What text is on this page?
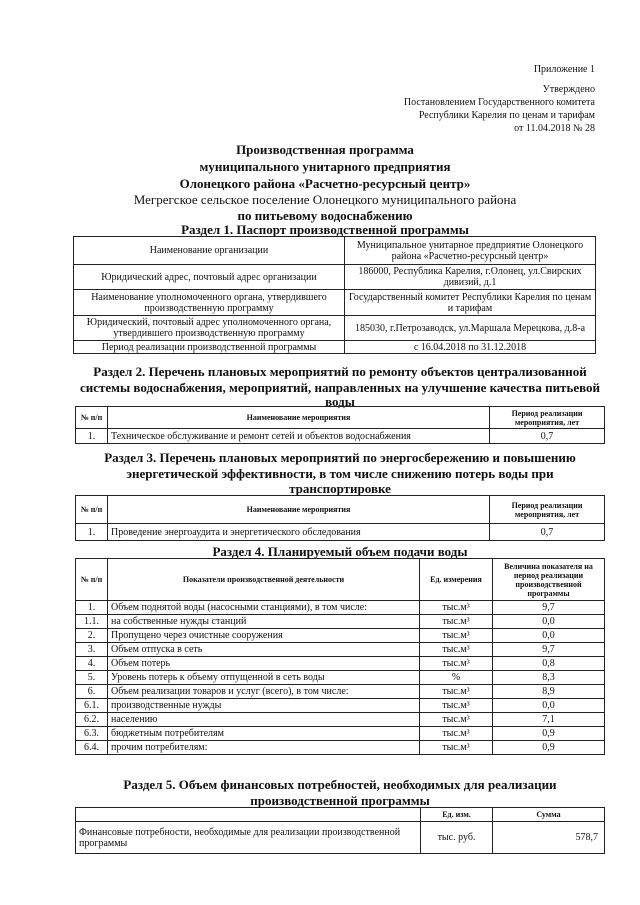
Приложение 1
Утверждено
Постановлением Государственного комитета
Республики Карелия по ценам и тарифам
от 11.04.2018 № 28
Производственная программа
муниципального унитарного предприятия
Олонецкого района «Расчетно-ресурсный центр»
Мегрегское сельское поселение Олонецкого муниципального района
по питьевому водоснабжению
Раздел 1. Паспорт производственной программы
Наименование организации	Муниципальное унитарное предприятие Олонецкого района «Расчетно-ресурсный центр»
Юридический адрес, почтовый адрес организации	186000, Республика Карелия, г.Олонец, ул.Свирских дивизий, д.1
Наименование уполномоченного органа, утвердившего производственную программу	Государственный комитет Республики Карелия по ценам и тарифам
Юридический, почтовый адрес уполномоченного органа, утвердившего производственную программу	185030, г.Петрозаводск, ул.Маршала Мерецкова, д.8-а
Период реализации производственной программы	с 16.04.2018 по 31.12.2018
Раздел 2. Перечень плановых мероприятий по ремонту объектов централизованной
системы водоснабжения, мероприятий, направленных на улучшение качества питьевой
воды
№ п/п	Наименование мероприятия	Период реализации мероприятия, лет
1.	Техническое обслуживание и ремонт сетей и объектов водоснабжения	0,7
Раздел 3. Перечень плановых мероприятий по энергосбережению и повышению
энергетической эффективности, в том числе снижению потерь воды при
транспортировке
№ п/п	Наименование мероприятия	Период реализации мероприятия, лет
1.	Проведение энергоаудита и энергетического обследования	0,7
Раздел 4. Планируемый объем подачи воды
№ п/п	Показатели производственной деятельности	Ед. измерения	Величина показателя на период реализации производственной программы
1.	Объем поднятой воды (насосными станциями), в том числе:	тыс.м³	9,7
1.1.	на собственные нужды станций	тыс.м³	0,0
2.	Пропущено через очистные сооружения	тыс.м³	0,0
3.	Объем отпуска в сеть	тыс.м³	9,7
4.	Объем потерь	тыс.м³	0,8
5.	Уровень потерь к объему отпущенной в сеть воды	%	8,3
6.	Объем реализации товаров и услуг (всего), в том числе:	тыс.м³	8,9
6.1.	производственные нужды	тыс.м³	0,0
6.2.	населению	тыс.м³	7,1
6.3.	бюджетным потребителям	тыс.м³	0,9
6.4.	прочим потребителям:	тыс.м³	0,9
Раздел 5. Объем финансовых потребностей, необходимых для реализации
производственной программы
	Ед. изм.	Сумма
Финансовые потребности, необходимые для реализации производственной программы	тыс. руб.	578,7
